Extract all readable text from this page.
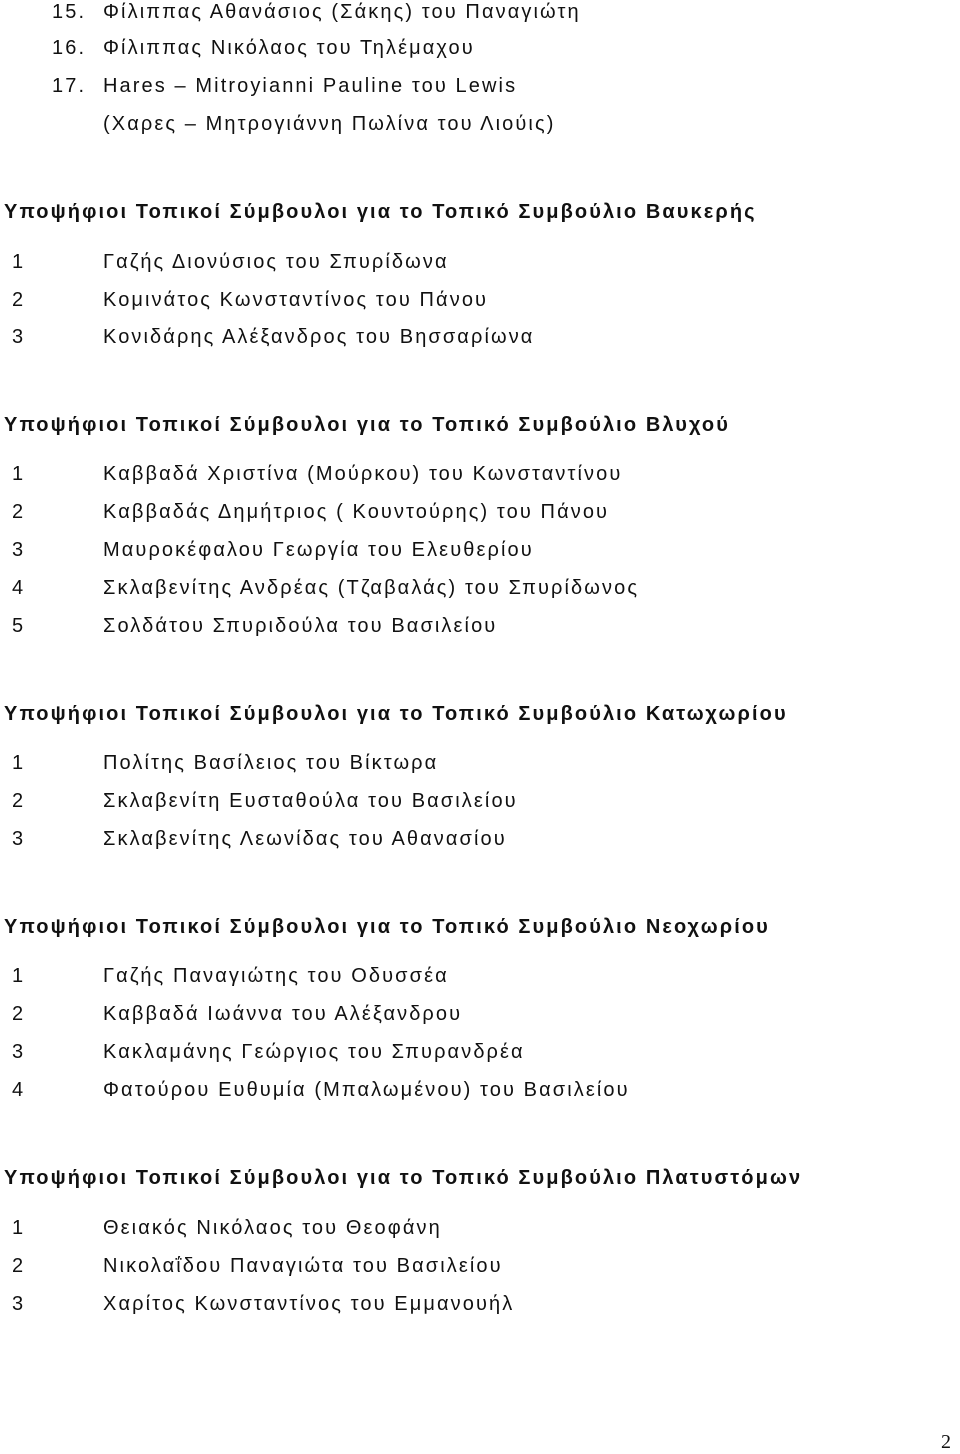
15. Φίλιππας Αθανάσιος (Σάκης) του Παναγιώτη
16. Φίλιππας Νικόλαος του Τηλέμαχου
17. Hares – Mitroyianni Pauline του Lewis
(Χαρες – Μητρογιάννη Πωλίνα του Λιούις)
Υποψήφιοι Τοπικοί Σύμβουλοι για το Τοπικό Συμβούλιο Βαυκερής
1	Γαζής Διονύσιος του Σπυρίδωνα
2	Κομινάτος Κωνσταντίνος του Πάνου
3	Κονιδάρης Αλέξανδρος του Βησσαρίωνα
Υποψήφιοι Τοπικοί Σύμβουλοι για το Τοπικό Συμβούλιο Βλυχού
1	Καββαδά Χριστίνα (Μούρκου) του Κωνσταντίνου
2	Καββαδάς Δημήτριος ( Κουντούρης) του Πάνου
3	Μαυροκέφαλου Γεωργία του Ελευθερίου
4	Σκλαβενίτης Ανδρέας (Τζαβαλάς) του Σπυρίδωνος
5	Σολδάτου Σπυριδούλα του Βασιλείου
Υποψήφιοι Τοπικοί Σύμβουλοι για το Τοπικό Συμβούλιο Κατωχωρίου
1	Πολίτης Βασίλειος του Βίκτωρα
2	Σκλαβενίτη Ευσταθούλα του Βασιλείου
3	Σκλαβενίτης Λεωνίδας του Αθανασίου
Υποψήφιοι Τοπικοί Σύμβουλοι για το Τοπικό Συμβούλιο Νεοχωρίου
1	Γαζής Παναγιώτης του Οδυσσέα
2	Καββαδά Ιωάννα του Αλέξανδρου
3	Κακλαμάνης Γεώργιος του Σπυρανδρέα
4	Φατούρου Ευθυμία (Μπαλωμένου) του Βασιλείου
Υποψήφιοι Τοπικοί Σύμβουλοι για το Τοπικό Συμβούλιο Πλατυστόμων
1	Θειακός Νικόλαος του Θεοφάνη
2	Νικολαΐδου Παναγιώτα του Βασιλείου
3	Χαρίτος Κωνσταντίνος του Εμμανουήλ
2
